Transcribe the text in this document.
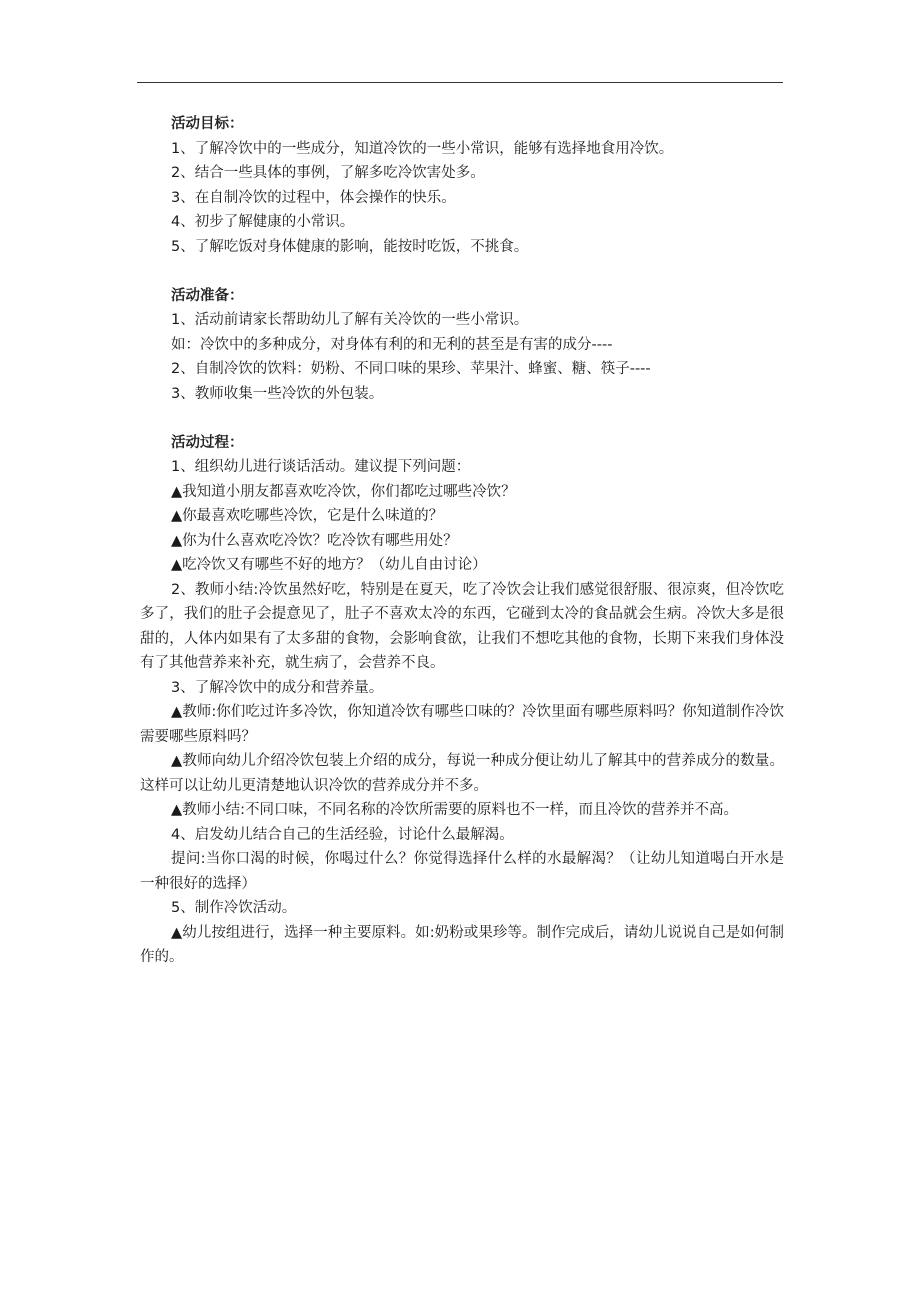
活动目标：

1、了解冷饮中的一些成分，知道冷饮的一些小常识，能够有选择地食用冷饮。

2、结合一些具体的事例，了解多吃冷饮害处多。

3、在自制冷饮的过程中，体会操作的快乐。

4、初步了解健康的小常识。

5、了解吃饭对身体健康的影响，能按时吃饭，不挑食。

活动准备：

1、活动前请家长帮助幼儿了解有关冷饮的一些小常识。

如：冷饮中的多种成分，对身体有利的和无利的甚至是有害的成分----

2、自制冷饮的饮料：奶粉、不同口味的果珍、苹果汁、蜂蜜、糖、筷子----

3、教师收集一些冷饮的外包装。

活动过程：

1、组织幼儿进行谈话活动。建议提下列问题：

▲我知道小朋友都喜欢吃冷饮，你们都吃过哪些冷饮？

▲你最喜欢吃哪些冷饮，它是什么味道的？

▲你为什么喜欢吃冷饮？吃冷饮有哪些用处？

▲吃冷饮又有哪些不好的地方？（幼儿自由讨论）

2、教师小结:冷饮虽然好吃，特别是在夏天，吃了冷饮会让我们感觉很舒服、很凉爽，但冷饮吃多了，我们的肚子会提意见了，肚子不喜欢太冷的东西，它碰到太冷的食品就会生病。冷饮大多是很甜的，人体内如果有了太多甜的食物，会影响食欲，让我们不想吃其他的食物，长期下来我们身体没有了其他营养来补充，就生病了，会营养不良。

3、了解冷饮中的成分和营养量。

▲教师:你们吃过许多冷饮，你知道冷饮有哪些口味的？冷饮里面有哪些原料吗？你知道制作冷饮需要哪些原料吗？

▲教师向幼儿介绍冷饮包装上介绍的成分，每说一种成分便让幼儿了解其中的营养成分的数量。这样可以让幼儿更清楚地认识冷饮的营养成分并不多。

▲教师小结:不同口味，不同名称的冷饮所需要的原料也不一样，而且冷饮的营养并不高。

4、启发幼儿结合自己的生活经验，讨论什么最解渴。

提问:当你口渴的时候，你喝过什么？你觉得选择什么样的水最解渴？（让幼儿知道喝白开水是一种很好的选择）

5、制作冷饮活动。

▲幼儿按组进行，选择一种主要原料。如:奶粉或果珍等。制作完成后，请幼儿说说自己是如何制作的。
